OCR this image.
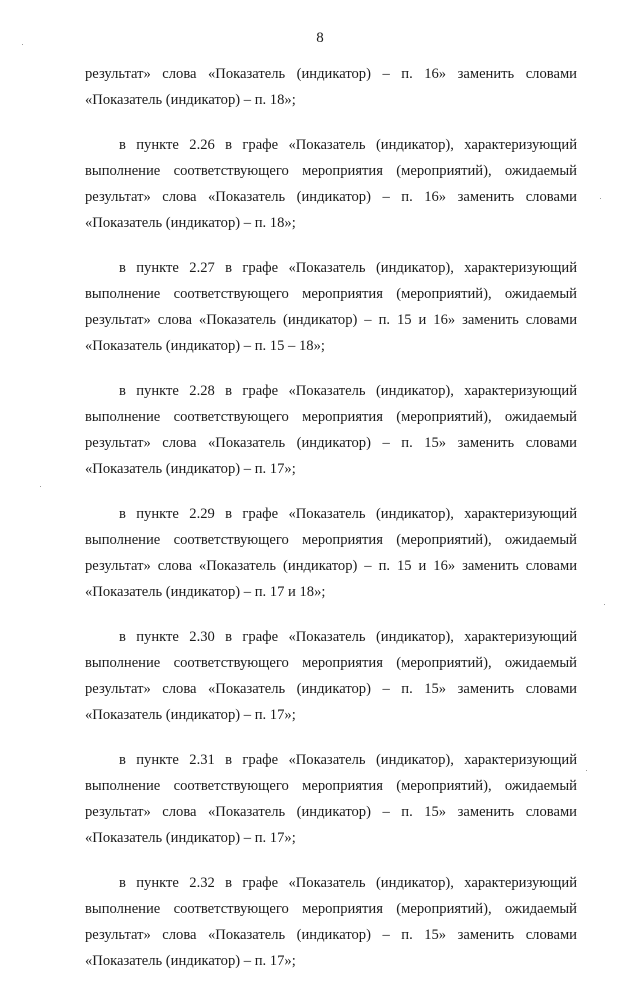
8
результат» слова «Показатель (индикатор) – п. 16» заменить словами
«Показатель (индикатор) – п. 18»;
в пункте 2.26 в графе «Показатель (индикатор), характеризующий
выполнение соответствующего мероприятия (мероприятий), ожидаемый
результат» слова «Показатель (индикатор) – п. 16» заменить словами
«Показатель (индикатор) – п. 18»;
в пункте 2.27 в графе «Показатель (индикатор), характеризующий
выполнение соответствующего мероприятия (мероприятий), ожидаемый
результат» слова «Показатель (индикатор) – п. 15 и 16» заменить словами
«Показатель (индикатор) – п. 15 – 18»;
в пункте 2.28 в графе «Показатель (индикатор), характеризующий
выполнение соответствующего мероприятия (мероприятий), ожидаемый
результат» слова «Показатель (индикатор) – п. 15» заменить словами
«Показатель (индикатор) – п. 17»;
в пункте 2.29 в графе «Показатель (индикатор), характеризующий
выполнение соответствующего мероприятия (мероприятий), ожидаемый
результат» слова «Показатель (индикатор) – п. 15 и 16» заменить словами
«Показатель (индикатор) – п. 17 и 18»;
в пункте 2.30 в графе «Показатель (индикатор), характеризующий
выполнение соответствующего мероприятия (мероприятий), ожидаемый
результат» слова «Показатель (индикатор) – п. 15» заменить словами
«Показатель (индикатор) – п. 17»;
в пункте 2.31 в графе «Показатель (индикатор), характеризующий
выполнение соответствующего мероприятия (мероприятий), ожидаемый
результат» слова «Показатель (индикатор) – п. 15» заменить словами
«Показатель (индикатор) – п. 17»;
в пункте 2.32 в графе «Показатель (индикатор), характеризующий
выполнение соответствующего мероприятия (мероприятий), ожидаемый
результат» слова «Показатель (индикатор) – п. 15» заменить словами
«Показатель (индикатор) – п. 17»;
